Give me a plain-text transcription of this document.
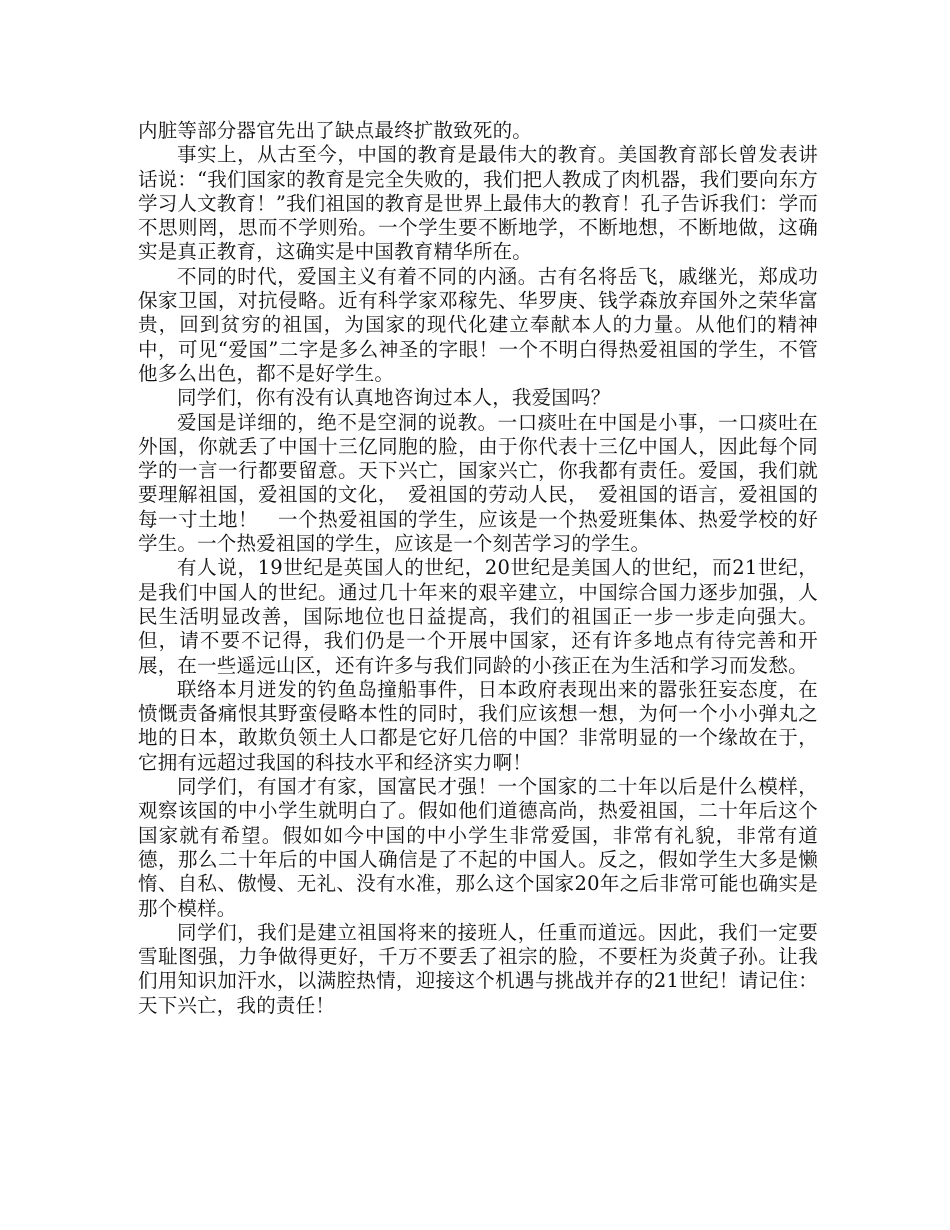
内脏等部分器官先出了缺点最终扩散致死的。

事实上，从古至今，中国的教育是最伟大的教育。美国教育部长曾发表讲话说：“我们国家的教育是完全失败的，我们把人教成了肉机器，我们要向东方学习人文教育！”我们祖国的教育是世界上最伟大的教育！孔子告诉我们：学而不思则罔，思而不学则殆。一个学生要不断地学，不断地想，不断地做，这确实是真正教育，这确实是中国教育精华所在。

不同的时代，爱国主义有着不同的内涵。古有名将岳飞，戚继光，郑成功保家卫国，对抗侵略。近有科学家邓稼先、华罗庚、钱学森放弃国外之荣华富贵，回到贫穷的祖国，为国家的现代化建立奉献本人的力量。从他们的精神中，可见“爱国”二字是多么神圣的字眼！一个不明白得热爱祖国的学生，不管他多么出色，都不是好学生。

同学们，你有没有认真地咨询过本人，我爱国吗？

爱国是详细的，绝不是空洞的说教。一口痰吐在中国是小事，一口痰吐在外国，你就丢了中国十三亿同胞的脸，由于你代表十三亿中国人，因此每个同学的一言一行都要留意。天下兴亡，国家兴亡，你我都有责任。爱国，我们就要理解祖国，爱祖国的文化，　爱祖国的劳动人民，　爱祖国的语言，爱祖国的每一寸土地！　一个热爱祖国的学生，应该是一个热爱班集体、热爱学校的好学生。一个热爱祖国的学生，应该是一个刻苦学习的学生。

有人说，19世纪是英国人的世纪，20世纪是美国人的世纪，而21世纪，是我们中国人的世纪。通过几十年来的艰辛建立，中国综合国力逐步加强，人民生活明显改善，国际地位也日益提高，我们的祖国正一步一步走向强大。但，请不要不记得，我们仍是一个开展中国家，还有许多地点有待完善和开展，在一些遥远山区，还有许多与我们同龄的小孩正在为生活和学习而发愁。

联络本月迸发的钓鱼岛撞船事件，日本政府表现出来的嚣张狂妄态度，在愤慨责备痛恨其野蛮侵略本性的同时，我们应该想一想，为何一个小小弹丸之地的日本，敢欺负领土人口都是它好几倍的中国？非常明显的一个缘故在于，它拥有远超过我国的科技水平和经济实力啊！

同学们，有国才有家，国富民才强！一个国家的二十年以后是什么模样，观察该国的中小学生就明白了。假如他们道德高尚，热爱祖国，二十年后这个国家就有希望。假如如今中国的中小学生非常爱国，非常有礼貌，非常有道德，那么二十年后的中国人确信是了不起的中国人。反之，假如学生大多是懒惰、自私、傲慢、无礼、没有水准，那么这个国家20年之后非常可能也确实是那个模样。

同学们，我们是建立祖国将来的接班人，任重而道远。因此，我们一定要雪耻图强，力争做得更好，千万不要丢了祖宗的脸，不要枉为炎黄子孙。让我们用知识加汗水，以满腔热情，迎接这个机遇与挑战并存的21世纪！请记住：天下兴亡，我的责任！
